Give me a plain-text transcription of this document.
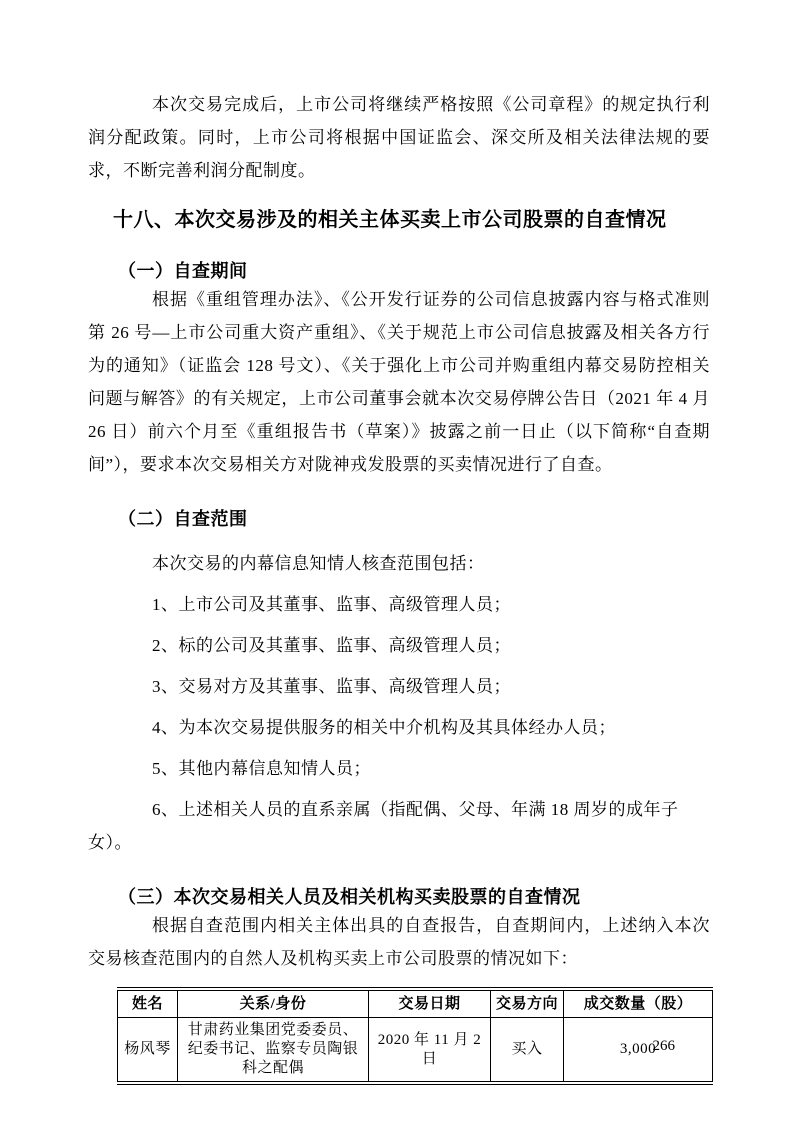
本次交易完成后，上市公司将继续严格按照《公司章程》的规定执行利润分配政策。同时，上市公司将根据中国证监会、深交所及相关法律法规的要求，不断完善利润分配制度。

十八、本次交易涉及的相关主体买卖上市公司股票的自查情况
（一）自查期间

根据《重组管理办法》、《公开发行证券的公司信息披露内容与格式准则第 26 号—上市公司重大资产重组》、《关于规范上市公司信息披露及相关各方行为的通知》（证监会 128 号文）、《关于强化上市公司并购重组内幕交易防控相关问题与解答》的有关规定，上市公司董事会就本次交易停牌公告日（2021 年 4 月 26 日）前六个月至《重组报告书（草案）》披露之前一日止（以下简称“自查期间”），要求本次交易相关方对陇神戎发股票的买卖情况进行了自查。

（二）自查范围

本次交易的内幕信息知情人核查范围包括：

1、上市公司及其董事、监事、高级管理人员；

2、标的公司及其董事、监事、高级管理人员；

3、交易对方及其董事、监事、高级管理人员；

4、为本次交易提供服务的相关中介机构及其具体经办人员；

5、其他内幕信息知情人员；

6、上述相关人员的直系亲属（指配偶、父母、年满 18 周岁的成年子女）。

（三）本次交易相关人员及相关机构买卖股票的自查情况

根据自查范围内相关主体出具的自查报告，自查期间内，上述纳入本次交易核查范围内的自然人及机构买卖上市公司股票的情况如下：

姓名	关系/身份	交易日期	交易方向	成交数量（股）
杨风琴	甘肃药业集团党委委员、纪委书记、监察专员陶银科之配偶	2020 年 11 月 2 日	买入	3,000
266
